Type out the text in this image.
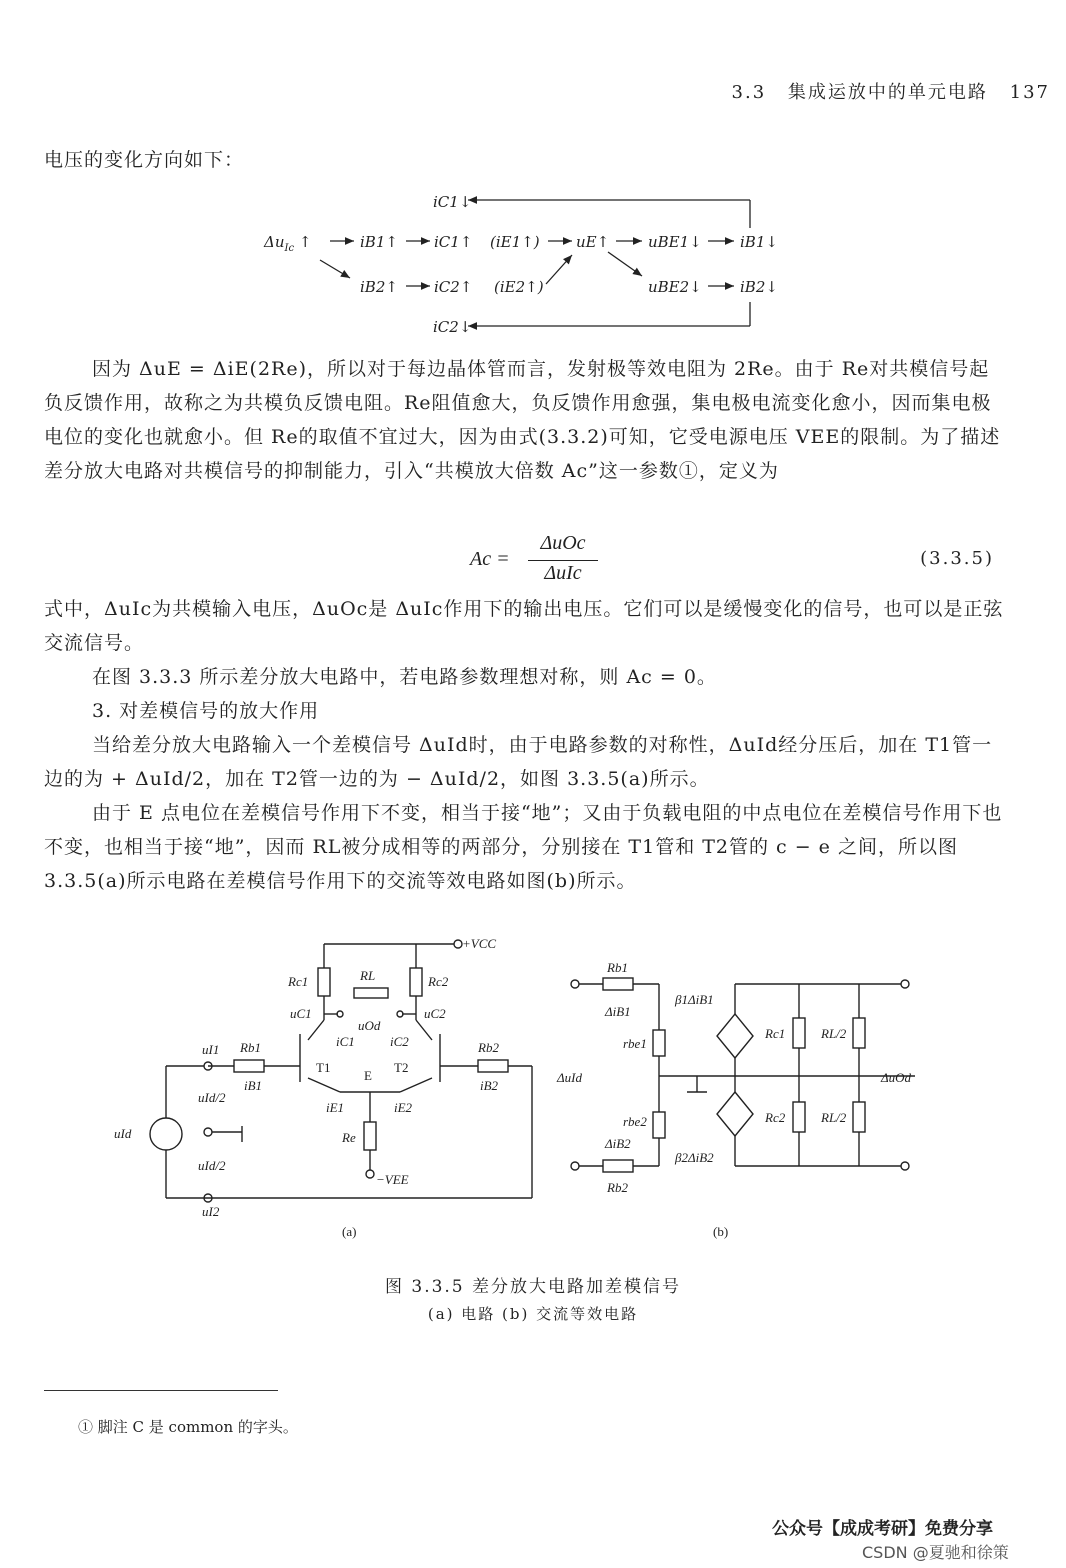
3.3 集成运放中的单元电路 137
电压的变化方向如下：
iC1↓
$\Delta u_{Ic}$ ↑	iB1↑ iC1↑ (iE1↑) uE↑	uBE1↓	iB1↓
iB2↑ iC2↑ (iE2↑)	uBE2↓	iB2↓
iC2↓
因为 ΔuE = ΔiE(2Re)，所以对于每边晶体管而言，发射极等效电阻为 2Re。由于 Re对共模信号起负反馈作用，故称之为共模负反馈电阻。Re阻值愈大，负反馈作用愈强，集电极电流变化愈小，因而集电极电位的变化也就愈小。但 Re的取值不宜过大，因为由式(3.3.2)可知，它受电源电压 VEE的限制。为了描述差分放大电路对共模信号的抑制能力，引入“共模放大倍数 Ac”这一参数①，定义为
Ac =
ΔuOc
ΔuIc
(3.3.5)
式中，ΔuIc为共模输入电压，ΔuOc是 ΔuIc作用下的输出电压。它们可以是缓慢变化的信号，也可以是正弦交流信号。
在图 3.3.3 所示差分放大电路中，若电路参数理想对称，则 Ac = 0。
3. 对差模信号的放大作用
当给差分放大电路输入一个差模信号 ΔuId时，由于电路参数的对称性，ΔuId经分压后，加在 T1管一边的为 + ΔuId/2，加在 T2管一边的为 − ΔuId/2，如图 3.3.5(a)所示。
由于 E 点电位在差模信号作用下不变，相当于接“地”；又由于负载电阻的中点电位在差模信号作用下也不变，也相当于接“地”，因而 RL被分成相等的两部分，分别接在 T1管和 T2管的 c − e 之间，所以图 3.3.5(a)所示电路在差模信号作用下的交流等效电路如图(b)所示。
+VCC
Rc1	Rc2
RL
uC1	uC2
uOd
iC1	iC2
T1	T2
E
iE1	iE2
Re
−VEE
uI1 Rb1
iB1
Rb2
iB2
uId/2
uId/2
uI2
uId
(a)
Rb1
ΔiB1
rbe1
β1ΔiB1
Rc1	RL/2
ΔuId	ΔuOd
rbe2	Rc2	RL/2
ΔiB2
β2ΔiB2
Rb2
(b)
图 3.3.5 差分放大电路加差模信号
(a) 电路 (b) 交流等效电路
① 脚注 C 是 common 的字头。
公众号【成成考研】免费分享
CSDN @夏驰和徐策
